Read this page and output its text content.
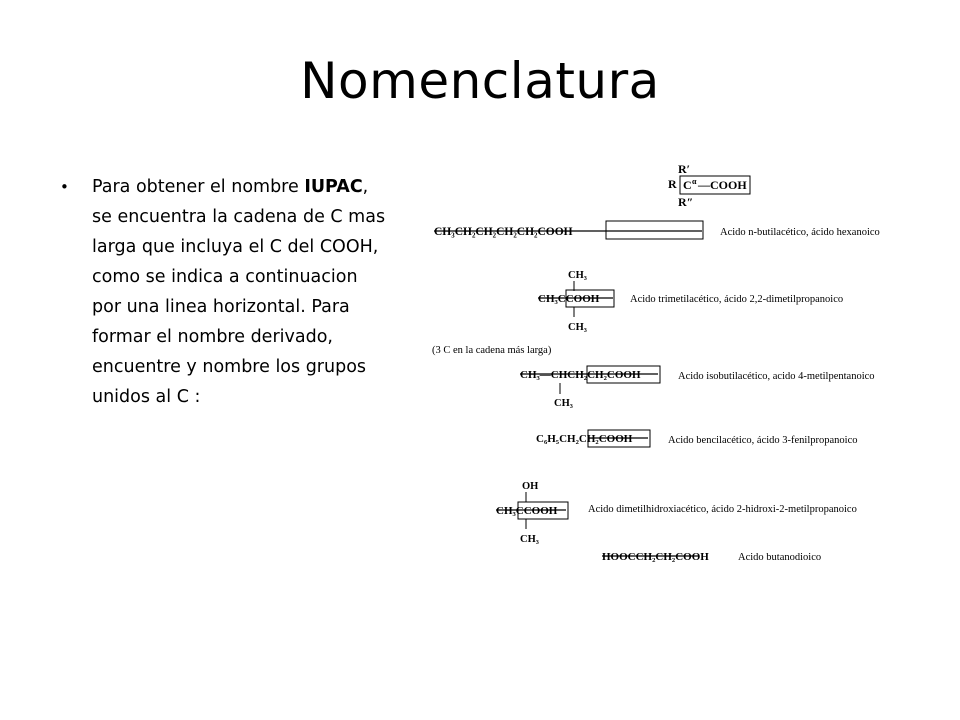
Nomenclatura
• Para obtener el nombre IUPAC, se encuentra la cadena de C mas larga que incluya el C del COOH, como se indica a continuacion por una linea horizontal. Para formar el nombre derivado, encuentre y nombre los grupos unidos al C :
R′
R C α —COOH
R″
CH₃CH₂CH₂CH₂CH₂COOH	Acido n-butilacético, ácido hexanoico
CH₃
CH₃CCOOH
CH₃
Acido trimetilacético, ácido 2,2-dimetilpropanoico
(3 C en la cadena más larga)
CH₃—CHCH₂CH₂COOH
CH₃
Acido isobutilacético, acido 4-metilpentanoico
C₆H₅CH₂CH₂COOH	Acido bencilacético, ácido 3-fenilpropanoico
OH
CH₃CCOOH
CH₃
Acido dimetilhidroxiacético, ácido 2-hidroxi-2-metilpropanoico
HOOCCH₂CH₂COOH	Acido butanodioico
